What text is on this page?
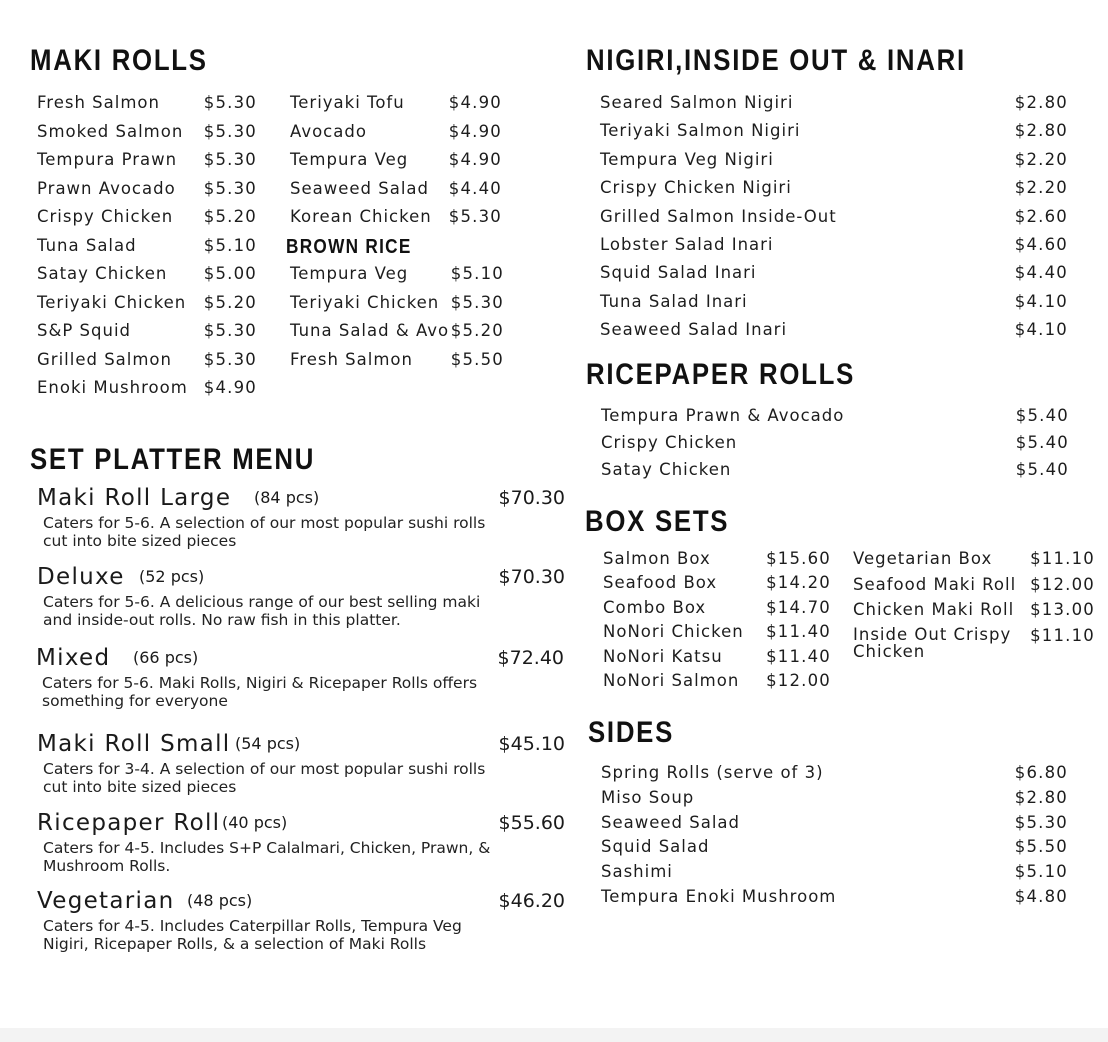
MAKI ROLLS
Fresh Salmon	$5.30
Smoked Salmon $5.30
Tempura Prawn $5.30
Prawn Avocado $5.30
Crispy Chicken $5.20
Tuna Salad	$5.10
Satay Chicken $5.00
Teriyaki Chicken $5.20
S&P Squid	$5.30
Grilled Salmon $5.30
Enoki Mushroom $4.90
Teriyaki Tofu	$4.90
Avocado	$4.90
Tempura Veg $4.90
Seaweed Salad $4.40
Korean Chicken $5.30
BROWN RICE
Tempura Veg	$5.10
Teriyaki Chicken $5.30
Tuna Salad & Avo $5.20
Fresh Salmon $5.50
NIGIRI,INSIDE OUT & INARI
Seared Salmon Nigiri	$2.80
Teriyaki Salmon Nigiri	$2.80
Tempura Veg Nigiri	$2.20
Crispy Chicken Nigiri	$2.20
Grilled Salmon Inside-Out	$2.60
Lobster Salad Inari	$4.60
Squid Salad Inari	$4.40
Tuna Salad Inari	$4.10
Seaweed Salad Inari	$4.10
RICEPAPER ROLLS
Tempura Prawn & Avocado	$5.40
Crispy Chicken	$5.40
Satay Chicken	$5.40
BOX SETS
Salmon Box	$15.60
Seafood Box	$14.20
Combo Box	$14.70
NoNori Chicken $11.40
NoNori Katsu	$11.40
NoNori Salmon $12.00
Vegetarian Box $11.10
Seafood Maki Roll $12.00
Chicken Maki Roll $13.00
Inside Out Crispy Chicken
$11.10
SIDES
Spring Rolls (serve of 3)	$6.80
Miso Soup	$2.80
Seaweed Salad	$5.30
Squid Salad	$5.50
Sashimi	$5.10
Tempura Enoki Mushroom	$4.80
SET PLATTER MENU
Maki Roll Large (84 pcs)	$70.30
Caters for 5-6. A selection of our most popular sushi rolls cut into bite sized pieces
Deluxe (52 pcs)	$70.30
Caters for 5-6. A delicious range of our best selling maki and inside-out rolls. No raw fish in this platter.
Mixed (66 pcs)	$72.40
Caters for 5-6. Maki Rolls, Nigiri & Ricepaper Rolls offers something for everyone
Maki Roll Small (54 pcs)	$45.10
Caters for 3-4. A selection of our most popular sushi rolls cut into bite sized pieces
Ricepaper Roll (40 pcs)	$55.60
Caters for 4-5. Includes S+P Calalmari, Chicken, Prawn, & Mushroom Rolls.
Vegetarian (48 pcs)	$46.20
Caters for 4-5. Includes Caterpillar Rolls, Tempura Veg Nigiri, Ricepaper Rolls, & a selection of Maki Rolls
